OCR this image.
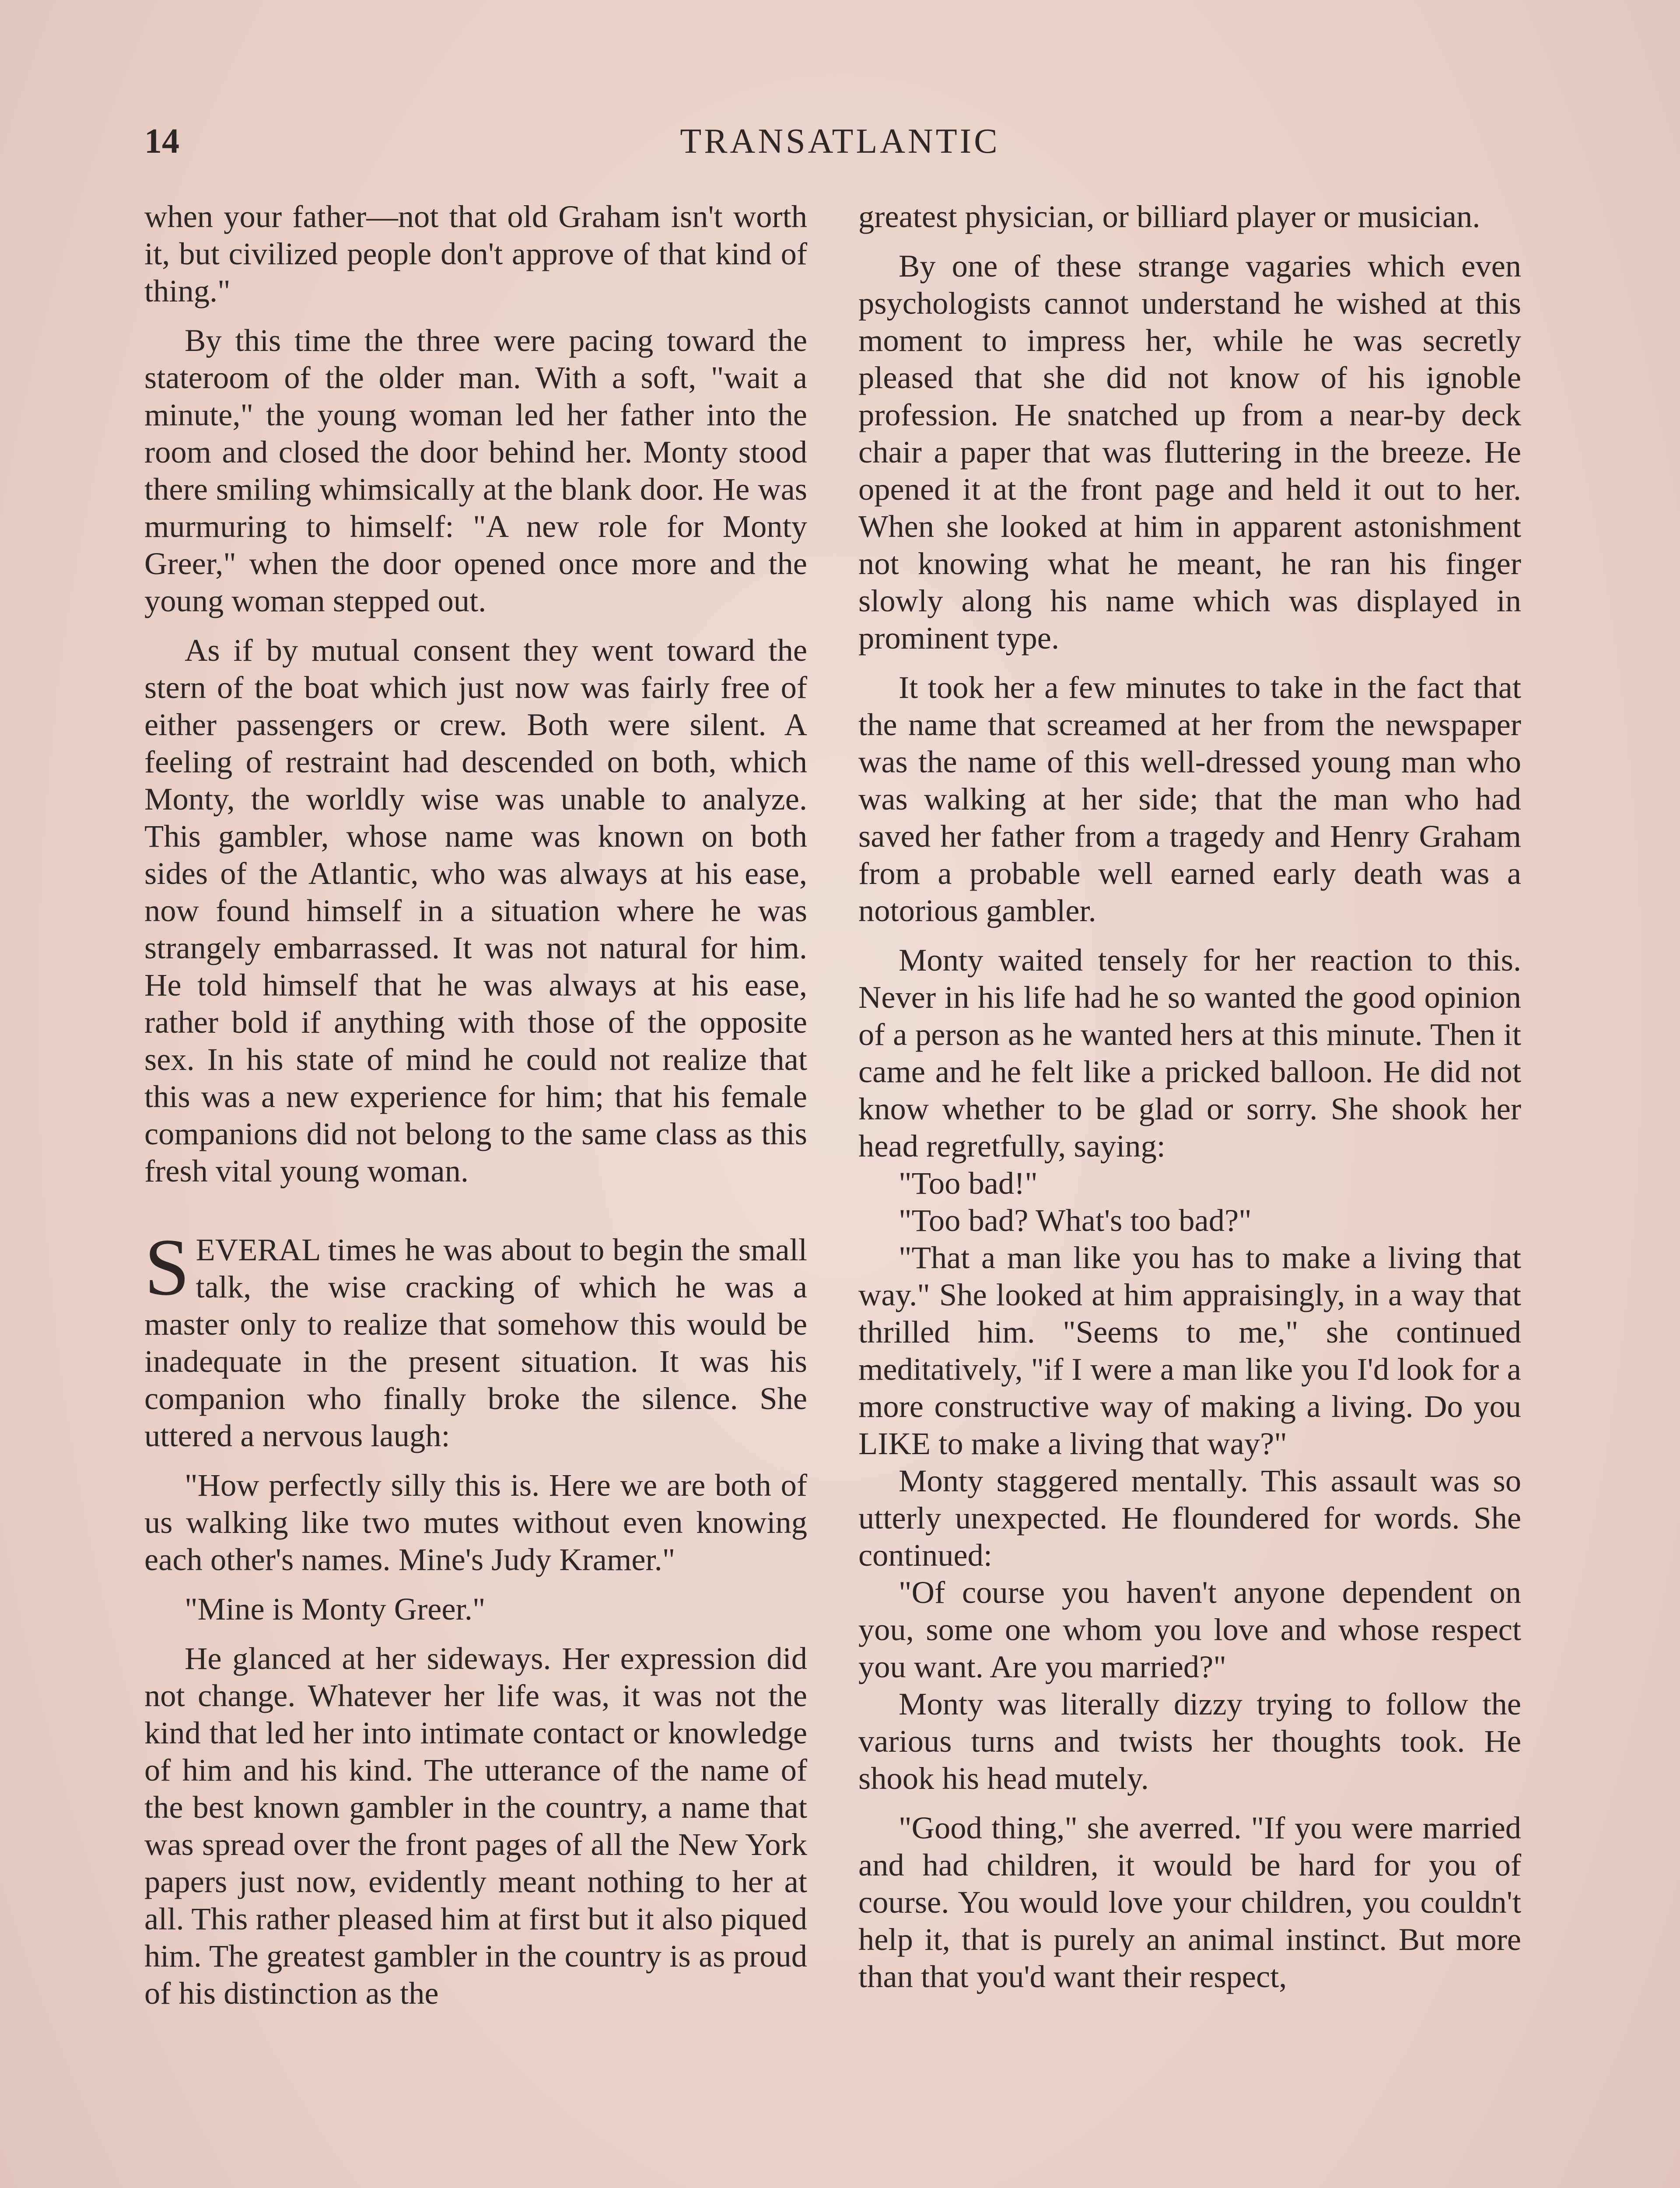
14	TRANSATLANTIC

when your father—not that old Graham isn't worth it, but civilized people don't approve of that kind of thing."

By this time the three were pacing toward the stateroom of the older man. With a soft, "wait a minute," the young woman led her father into the room and closed the door behind her. Monty stood there smiling whimsically at the blank door. He was murmuring to himself: "A new role for Monty Greer," when the door opened once more and the young woman stepped out.

As if by mutual consent they went toward the stern of the boat which just now was fairly free of either passengers or crew. Both were silent. A feeling of restraint had descended on both, which Monty, the worldly wise was unable to analyze. This gambler, whose name was known on both sides of the Atlantic, who was always at his ease, now found himself in a situation where he was strangely embarrassed. It was not natural for him. He told himself that he was always at his ease, rather bold if anything with those of the opposite sex. In his state of mind he could not realize that this was a new experience for him; that his female companions did not belong to the same class as this fresh vital young woman.

SEVERAL times he was about to begin the small talk, the wise cracking of which he was a master only to realize that somehow this would be inadequate in the present situation. It was his companion who finally broke the silence. She uttered a nervous laugh:

"How perfectly silly this is. Here we are both of us walking like two mutes without even knowing each other's names. Mine's Judy Kramer."

"Mine is Monty Greer."

He glanced at her sideways. Her expression did not change. Whatever her life was, it was not the kind that led her into intimate contact or knowledge of him and his kind. The utterance of the name of the best known gambler in the country, a name that was spread over the front pages of all the New York papers just now, evidently meant nothing to her at all. This rather pleased him at first but it also piqued him. The greatest gambler in the country is as proud of his distinction as the

greatest physician, or billiard player or musician.

By one of these strange vagaries which even psychologists cannot understand he wished at this moment to impress her, while he was secretly pleased that she did not know of his ignoble profession. He snatched up from a near-by deck chair a paper that was fluttering in the breeze. He opened it at the front page and held it out to her. When she looked at him in apparent astonishment not knowing what he meant, he ran his finger slowly along his name which was displayed in prominent type.

It took her a few minutes to take in the fact that the name that screamed at her from the newspaper was the name of this well-dressed young man who was walking at her side; that the man who had saved her father from a tragedy and Henry Graham from a probable well earned early death was a notorious gambler.

Monty waited tensely for her reaction to this. Never in his life had he so wanted the good opinion of a person as he wanted hers at this minute. Then it came and he felt like a pricked balloon. He did not know whether to be glad or sorry. She shook her head regretfully, saying:

"Too bad!"

"Too bad? What's too bad?"

"That a man like you has to make a living that way." She looked at him appraisingly, in a way that thrilled him. "Seems to me," she continued meditatively, "if I were a man like you I'd look for a more constructive way of making a living. Do you LIKE to make a living that way?"

Monty staggered mentally. This assault was so utterly unexpected. He floundered for words. She continued:

"Of course you haven't anyone dependent on you, some one whom you love and whose respect you want. Are you married?"

Monty was literally dizzy trying to follow the various turns and twists her thoughts took. He shook his head mutely.

"Good thing," she averred. "If you were married and had children, it would be hard for you of course. You would love your children, you couldn't help it, that is purely an animal instinct. But more than that you'd want their respect,
